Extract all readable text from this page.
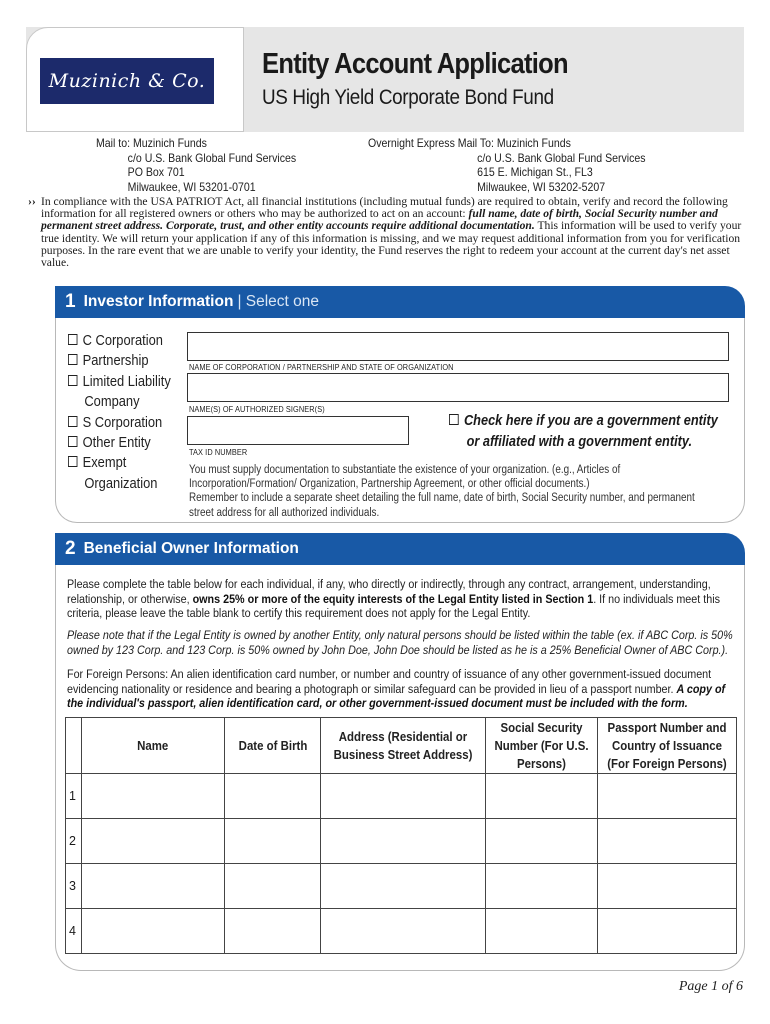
Muzinich & Co.
Entity Account Application
US High Yield Corporate Bond Fund
Mail to: Muzinich Funds
c/o U.S. Bank Global Fund Services
PO Box 701
Milwaukee, WI 53201-0701
Overnight Express Mail To: Muzinich Funds
c/o U.S. Bank Global Fund Services
615 E. Michigan St., FL3
Milwaukee, WI 53202-5207
›› In compliance with the USA PATRIOT Act, all financial institutions (including mutual funds) are required to obtain, verify and record the following information for all registered owners or others who may be authorized to act on an account: full name, date of birth, Social Security number and permanent street address. Corporate, trust, and other entity accounts require additional documentation. This information will be used to verify your true identity. We will return your application if any of this information is missing, and we may request additional information from you for verification purposes. In the rare event that we are unable to verify your identity, the Fund reserves the right to redeem your account at the current day's net asset value.
1 Investor Information | Select one
C Corporation
Partnership
Limited Liability
Company
S Corporation
Other Entity
Exempt
Organization
NAME OF CORPORATION / PARTNERSHIP AND STATE OF ORGANIZATION
NAME(S) OF AUTHORIZED SIGNER(S)
TAX ID NUMBER
Check here if you are a government entity
or affiliated with a government entity.
You must supply documentation to substantiate the existence of your organization. (e.g., Articles of Incorporation/Formation/ Organization, Partnership Agreement, or other official documents.)
Remember to include a separate sheet detailing the full name, date of birth, Social Security number, and permanent street address for all authorized individuals.
2 Beneficial Owner Information
Please complete the table below for each individual, if any, who directly or indirectly, through any contract, arrangement, understanding, relationship, or otherwise, owns 25% or more of the equity interests of the Legal Entity listed in Section 1. If no individuals meet this criteria, please leave the table blank to certify this requirement does not apply for the Legal Entity.
Please note that if the Legal Entity is owned by another Entity, only natural persons should be listed within the table (ex. if ABC Corp. is 50% owned by 123 Corp. and 123 Corp. is 50% owned by John Doe, John Doe should be listed as he is a 25% Beneficial Owner of ABC Corp.).
For Foreign Persons: An alien identification card number, or number and country of issuance of any other government-issued document evidencing nationality or residence and bearing a photograph or similar safeguard can be provided in lieu of a passport number. A copy of the individual's passport, alien identification card, or other government-issued document must be included with the form.
	Name	Date of Birth	Address (Residential or Business Street Address)	Social Security Number (For U.S. Persons)	Passport Number and Country of Issuance (For Foreign Persons)
1					
2					
3					
4					
Page 1 of 6
